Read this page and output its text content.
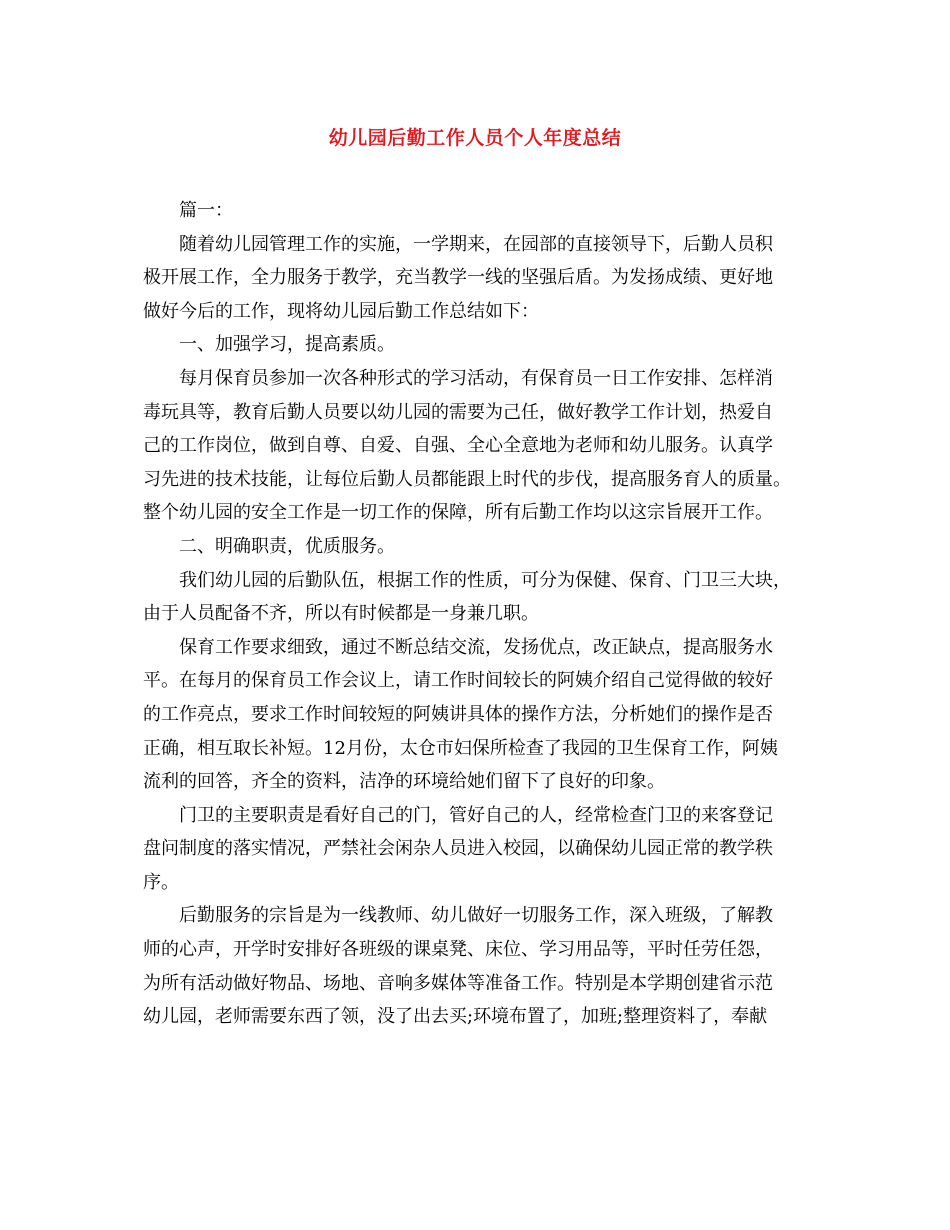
幼儿园后勤工作人员个人年度总结
篇一：
随着幼儿园管理工作的实施，一学期来，在园部的直接领导下，后勤人员积
极开展工作，全力服务于教学，充当教学一线的坚强后盾。为发扬成绩、更好地
做好今后的工作，现将幼儿园后勤工作总结如下：
一、加强学习，提高素质。
每月保育员参加一次各种形式的学习活动，有保育员一日工作安排、怎样消
毒玩具等，教育后勤人员要以幼儿园的需要为己任，做好教学工作计划，热爱自
己的工作岗位，做到自尊、自爱、自强、全心全意地为老师和幼儿服务。认真学
习先进的技术技能，让每位后勤人员都能跟上时代的步伐，提高服务育人的质量。
整个幼儿园的安全工作是一切工作的保障，所有后勤工作均以这宗旨展开工作。
二、明确职责，优质服务。
我们幼儿园的后勤队伍，根据工作的性质，可分为保健、保育、门卫三大块，
由于人员配备不齐，所以有时候都是一身兼几职。
保育工作要求细致，通过不断总结交流，发扬优点，改正缺点，提高服务水
平。在每月的保育员工作会议上，请工作时间较长的阿姨介绍自己觉得做的较好
的工作亮点，要求工作时间较短的阿姨讲具体的操作方法，分析她们的操作是否
正确，相互取长补短。12月份，太仓市妇保所检查了我园的卫生保育工作，阿姨
流利的回答，齐全的资料，洁净的环境给她们留下了良好的印象。
门卫的主要职责是看好自己的门，管好自己的人，经常检查门卫的来客登记
盘问制度的落实情况，严禁社会闲杂人员进入校园，以确保幼儿园正常的教学秩
序。
后勤服务的宗旨是为一线教师、幼儿做好一切服务工作，深入班级，了解教
师的心声，开学时安排好各班级的课桌凳、床位、学习用品等，平时任劳任怨，
为所有活动做好物品、场地、音响多媒体等准备工作。特别是本学期创建省示范
幼儿园，老师需要东西了领，没了出去买;环境布置了，加班;整理资料了，奉献
